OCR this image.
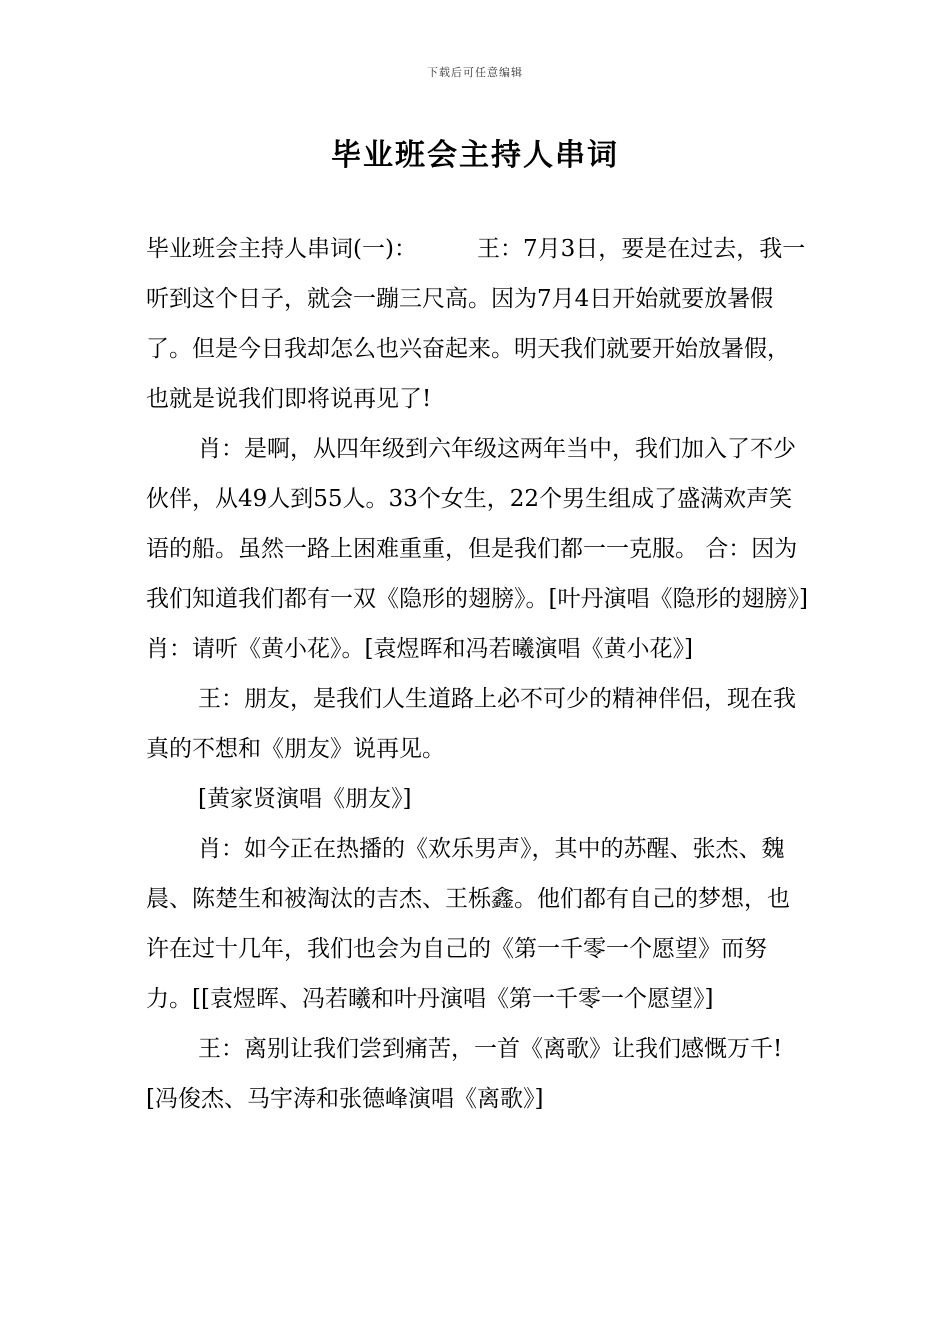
下载后可任意编辑
毕业班会主持人串词

毕业班会主持人串词(一)：	王：7月3日，要是在过去，我一听到这个日子，就会一蹦三尺高。因为7月4日开始就要放暑假了。但是今日我却怎么也兴奋起来。明天我们就要开始放暑假，也就是说我们即将说再见了!

肖：是啊，从四年级到六年级这两年当中，我们加入了不少伙伴，从49人到55人。33个女生，22个男生组成了盛满欢声笑语的船。虽然一路上困难重重，但是我们都一一克服。 合：因为我们知道我们都有一双《隐形的翅膀》。[叶丹演唱《隐形的翅膀》] 肖：请听《黄小花》。[袁煜晖和冯若曦演唱《黄小花》]

王：朋友，是我们人生道路上必不可少的精神伴侣，现在我真的不想和《朋友》说再见。

[黄家贤演唱《朋友》]

肖：如今正在热播的《欢乐男声》，其中的苏醒、张杰、魏晨、陈楚生和被淘汰的吉杰、王栎鑫。他们都有自己的梦想，也许在过十几年，我们也会为自己的《第一千零一个愿望》而努力。[[袁煜晖、冯若曦和叶丹演唱《第一千零一个愿望》]

王：离别让我们尝到痛苦，一首《离歌》让我们感慨万千![冯俊杰、马宇涛和张德峰演唱《离歌》]
